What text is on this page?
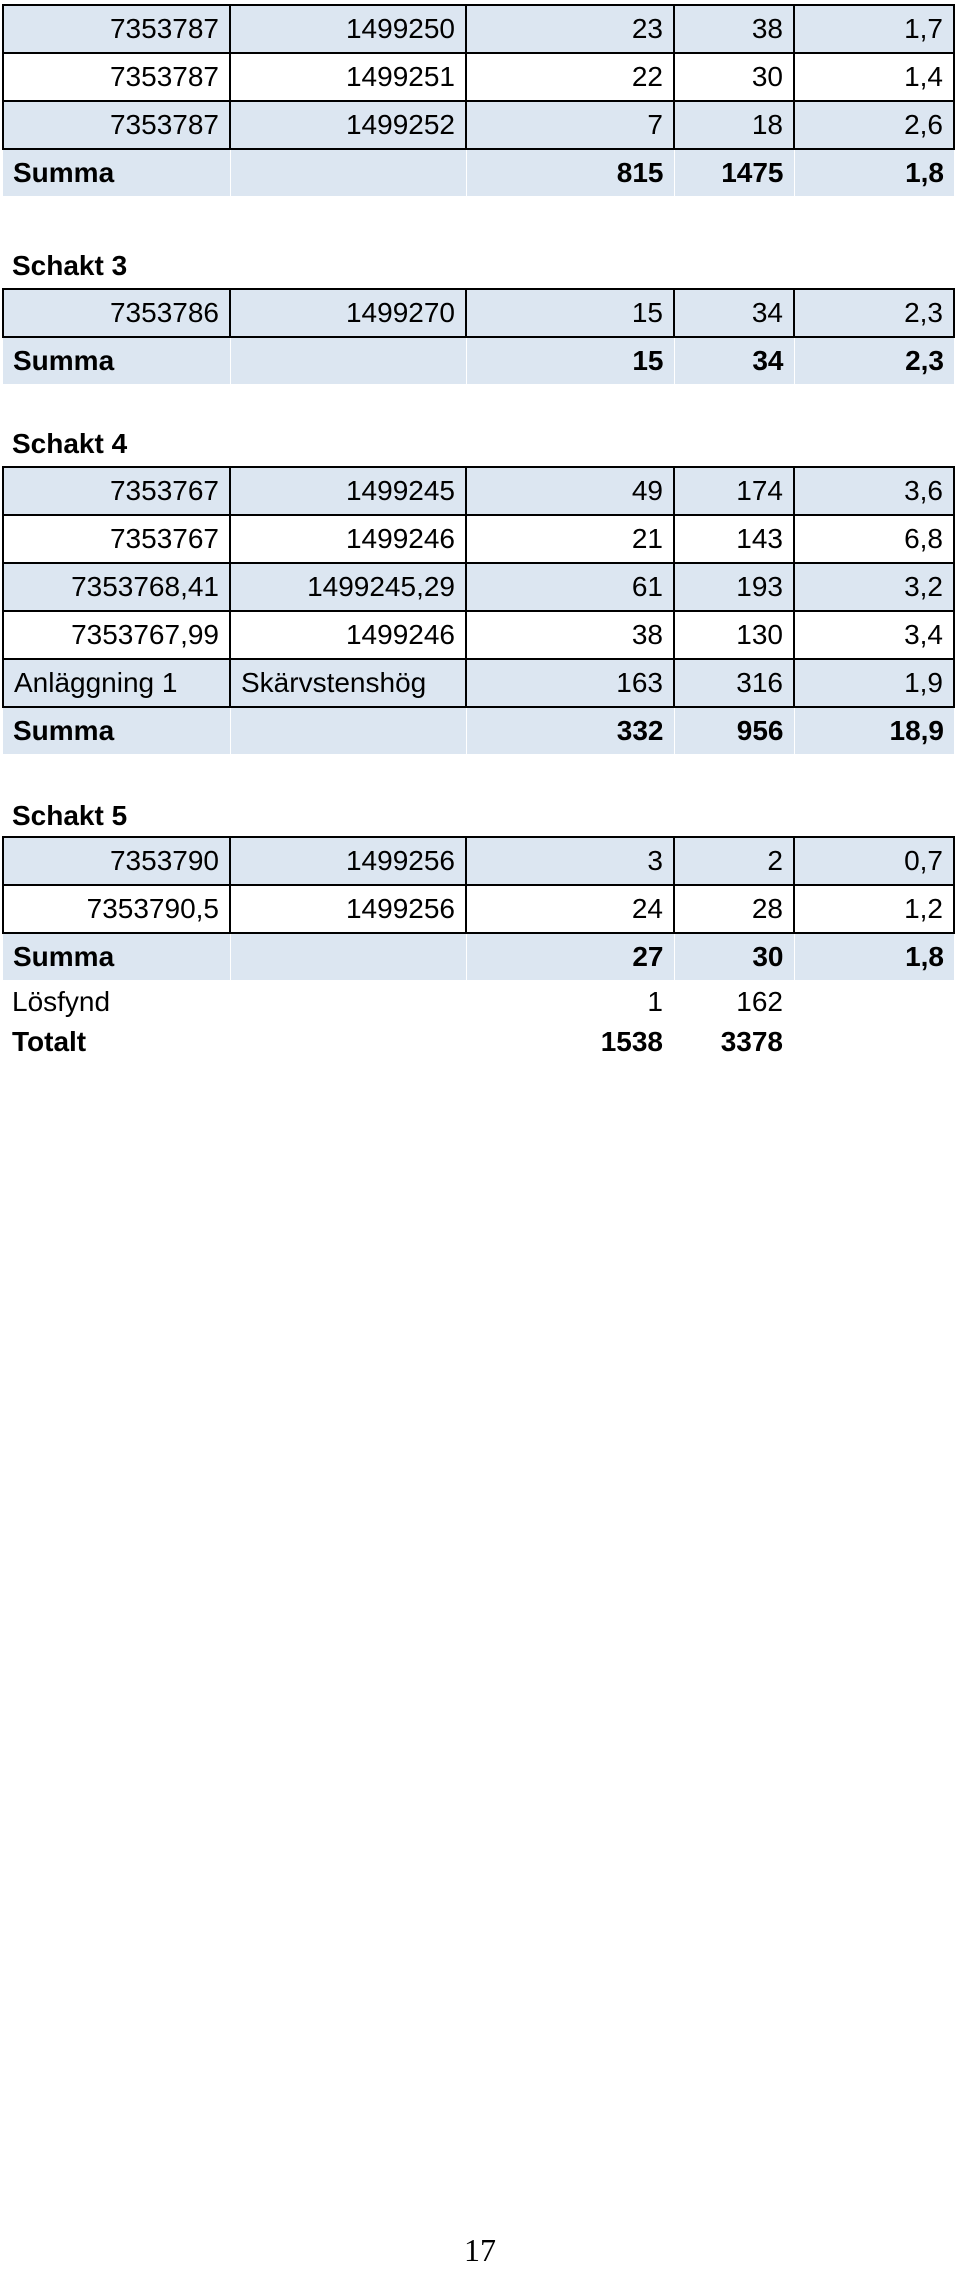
7353787	1499250	23	38	1,7
7353787	1499251	22	30	1,4
7353787	1499252	7	18	2,6
Summa		815	1475	1,8
Schakt 3
7353786	1499270	15	34	2,3
Summa		15	34	2,3
Schakt 4
7353767	1499245	49	174	3,6
7353767	1499246	21	143	6,8
7353768,41	1499245,29	61	193	3,2
7353767,99	1499246	38	130	3,4
Anläggning 1	Skärvstenshög	163	316	1,9
Summa		332	956	18,9
Schakt 5
7353790	1499256	3	2	0,7
7353790,5	1499256	24	28	1,2
Summa		27	30	1,8
Lösfynd		1	162	
Totalt		1538	3378	
17
